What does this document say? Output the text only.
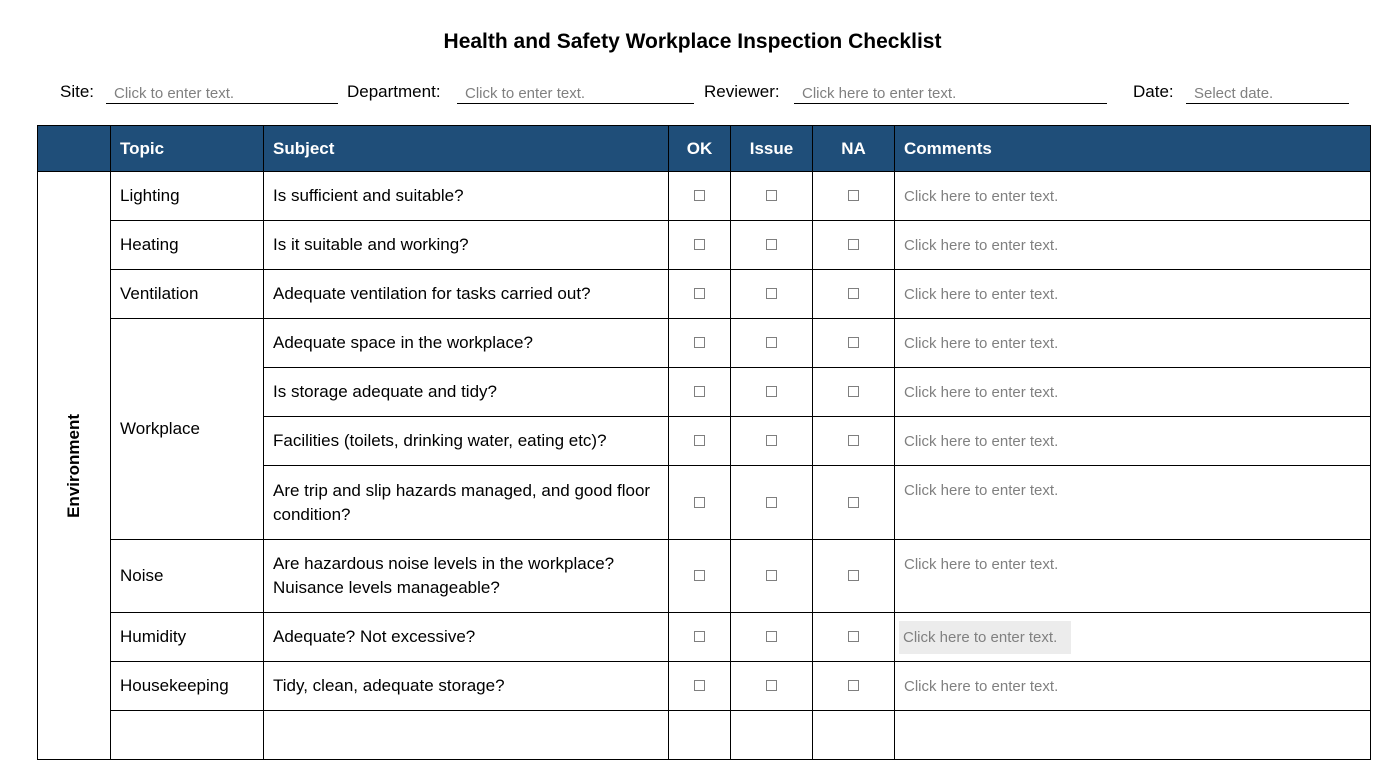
Health and Safety Workplace Inspection Checklist
Site:	Click to enter text.	Department:	Click to enter text.	Reviewer:	Click here to enter text.	Date:	Select date.
	Topic	Subject	OK	Issue	NA	Comments

Environment	Lighting	Is sufficient and suitable?				Click here to enter text.
	Heating	Is it suitable and working?				Click here to enter text.
	Ventilation	Adequate ventilation for tasks carried out?				Click here to enter text.
	Workplace	Adequate space in the workplace?				Click here to enter text.
		Is storage adequate and tidy?				Click here to enter text.
		Facilities (toilets, drinking water, eating etc)?				Click here to enter text.
		Are trip and slip hazards managed, and good floor condition?				Click here to enter text.
	Noise	Are hazardous noise levels in the workplace?
Nuisance levels manageable?				Click here to enter text.
	Humidity	Adequate? Not excessive?				Click here to enter text.
	Housekeeping	Tidy, clean, adequate storage?				Click here to enter text.
